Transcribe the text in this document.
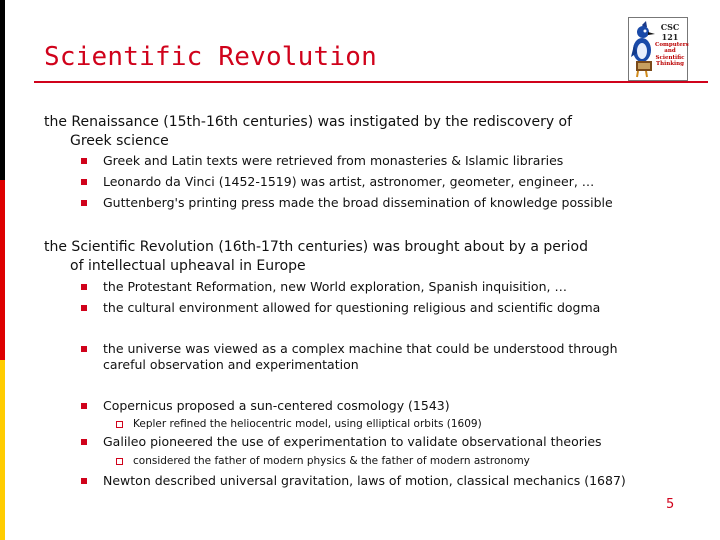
Scientific Revolution
CSC 121
Computers
and
Scientific
Thinking
the Renaissance (15th-16th centuries) was instigated by the rediscovery of
Greek science
Greek and Latin texts were retrieved from monasteries & Islamic libraries
Leonardo da Vinci (1452-1519) was artist, astronomer, geometer, engineer, …
Guttenberg's printing press made the broad dissemination of knowledge possible
the Scientific Revolution (16th-17th centuries) was brought about by a period
of intellectual upheaval in Europe
the Protestant Reformation, new World exploration, Spanish inquisition, …
the cultural environment allowed for questioning religious and scientific dogma
the universe was viewed as a complex machine that could be understood through
careful observation and experimentation
Copernicus proposed a sun-centered cosmology (1543)
Kepler refined the heliocentric model, using elliptical orbits (1609)
Galileo pioneered the use of experimentation to validate observational theories
considered the father of modern physics & the father of modern astronomy
Newton described universal gravitation, laws of motion, classical mechanics (1687)
5
